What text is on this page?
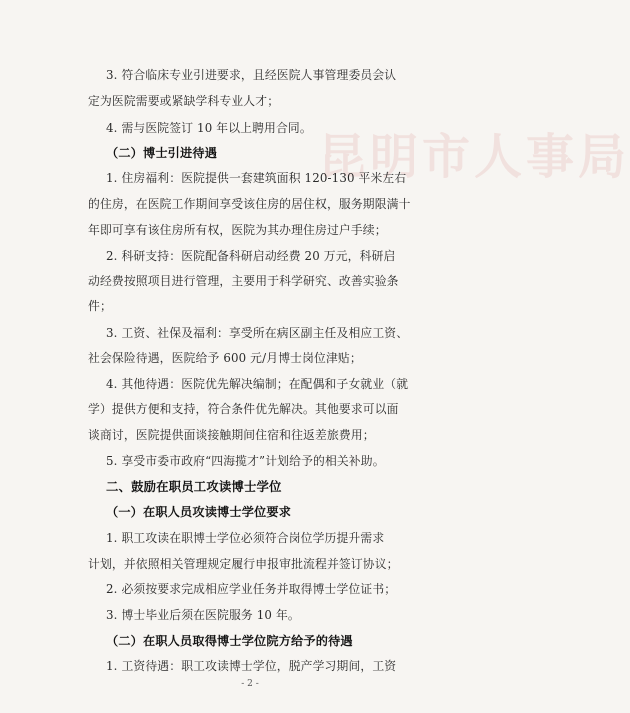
昆明市人事局
3. 符合临床专业引进要求，且经医院人事管理委员会认
定为医院需要或紧缺学科专业人才；
4. 需与医院签订 10 年以上聘用合同。
（二）博士引进待遇
1. 住房福利：医院提供一套建筑面积 120-130 平米左右
的住房，在医院工作期间享受该住房的居住权，服务期限满十
年即可享有该住房所有权，医院为其办理住房过户手续；
2. 科研支持：医院配备科研启动经费 20 万元，科研启
动经费按照项目进行管理，主要用于科学研究、改善实验条
件；
3. 工资、社保及福利：享受所在病区副主任及相应工资、
社会保险待遇，医院给予 600 元/月博士岗位津贴；
4. 其他待遇：医院优先解决编制；在配偶和子女就业（就
学）提供方便和支持，符合条件优先解决。其他要求可以面
谈商讨，医院提供面谈接触期间住宿和往返差旅费用；
5. 享受市委市政府“四海揽才”计划给予的相关补助。
二、鼓励在职员工攻读博士学位
（一）在职人员攻读博士学位要求
1. 职工攻读在职博士学位必须符合岗位学历提升需求
计划，并依照相关管理规定履行申报审批流程并签订协议；
2. 必须按要求完成相应学业任务并取得博士学位证书；
3. 博士毕业后须在医院服务 10 年。
（二）在职人员取得博士学位院方给予的待遇
1. 工资待遇：职工攻读博士学位，脱产学习期间，工资
- 2 -
